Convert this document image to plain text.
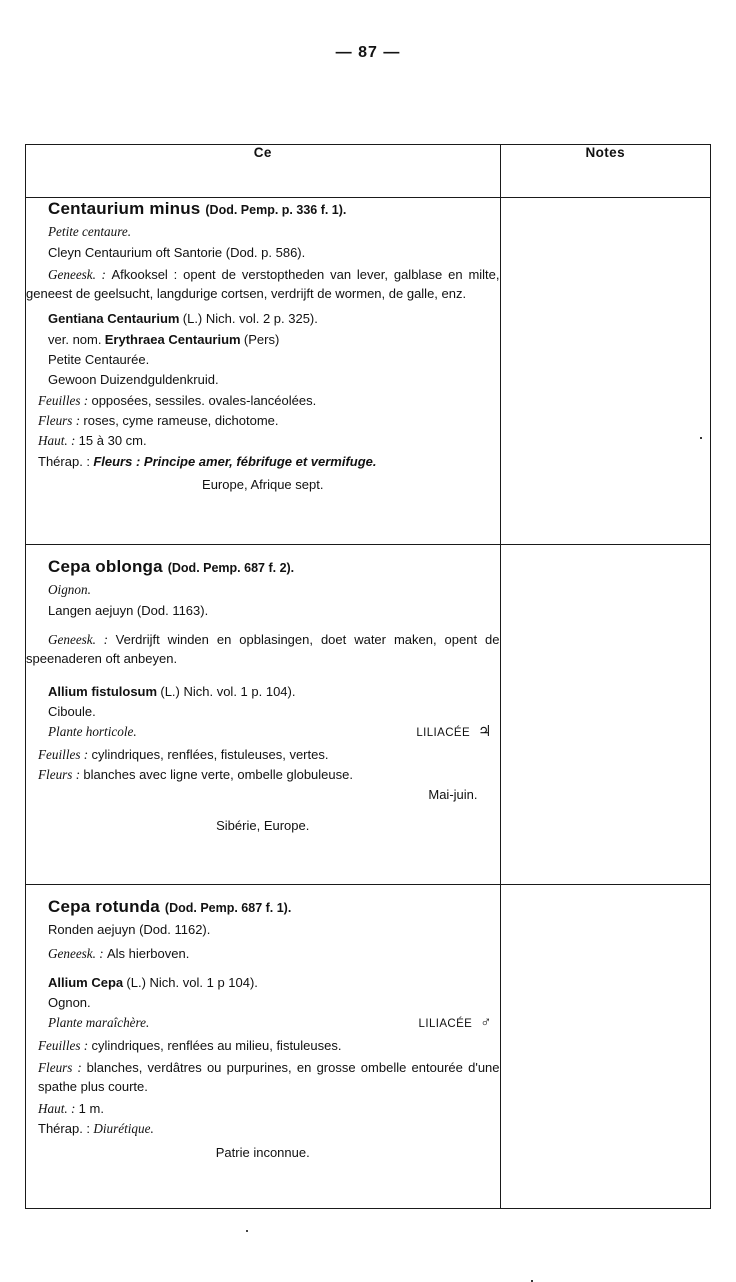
— 87 —
Ce	Notes

Centaurium minus (Dod. Pemp. p. 336 f. 1).
Petite centaure.
Cleyn Centaurium oft Santorie (Dod. p. 586).
Geneesk. : Afkooksel : opent de verstoptheden van lever, galblase en milte, geneest de geelsucht, langdurige cortsen, verdrijft de wormen, de galle, enz.
Gentiana Centaurium (L.) Nich. vol. 2 p. 325).
ver. nom. Erythraea Centaurium (Pers)
Petite Centaurée.
Gewoon Duizendguldenkruid.
Feuilles : opposées, sessiles. ovales-lancéolées.
Fleurs : roses, cyme rameuse, dichotome.
Haut. : 15 à 30 cm.
Thérap. : Fleurs : Principe amer, fébrifuge et vermifuge.
Europe, Afrique sept.

Cepa oblonga (Dod. Pemp. 687 f. 2).
Oignon.
Langen aejuyn (Dod. 1163).
Geneesk. : Verdrijft winden en opblasingen, doet water maken, opent de speenaderen oft anbeyen.
Allium fistulosum (L.) Nich. vol. 1 p. 104).
Ciboule.
Plante horticole.	LILIACÉE ♃
Feuilles : cylindriques, renflées, fistuleuses, vertes.
Fleurs : blanches avec ligne verte, ombelle globuleuse.
Mai-juin.
Sibérie, Europe.

Cepa rotunda (Dod. Pemp. 687 f. 1).
Ronden aejuyn (Dod. 1162).
Geneesk. : Als hierboven.
Allium Cepa (L.) Nich. vol. 1 p 104).
Ognon.
Plante maraîchère.	LILIACÉE ♂
Feuilles : cylindriques, renflées au milieu, fistuleuses.
Fleurs : blanches, verdâtres ou purpurines, en grosse ombelle entourée d'une spathe plus courte.
Haut. : 1 m.
Thérap. : Diurétique.
Patrie inconnue.
